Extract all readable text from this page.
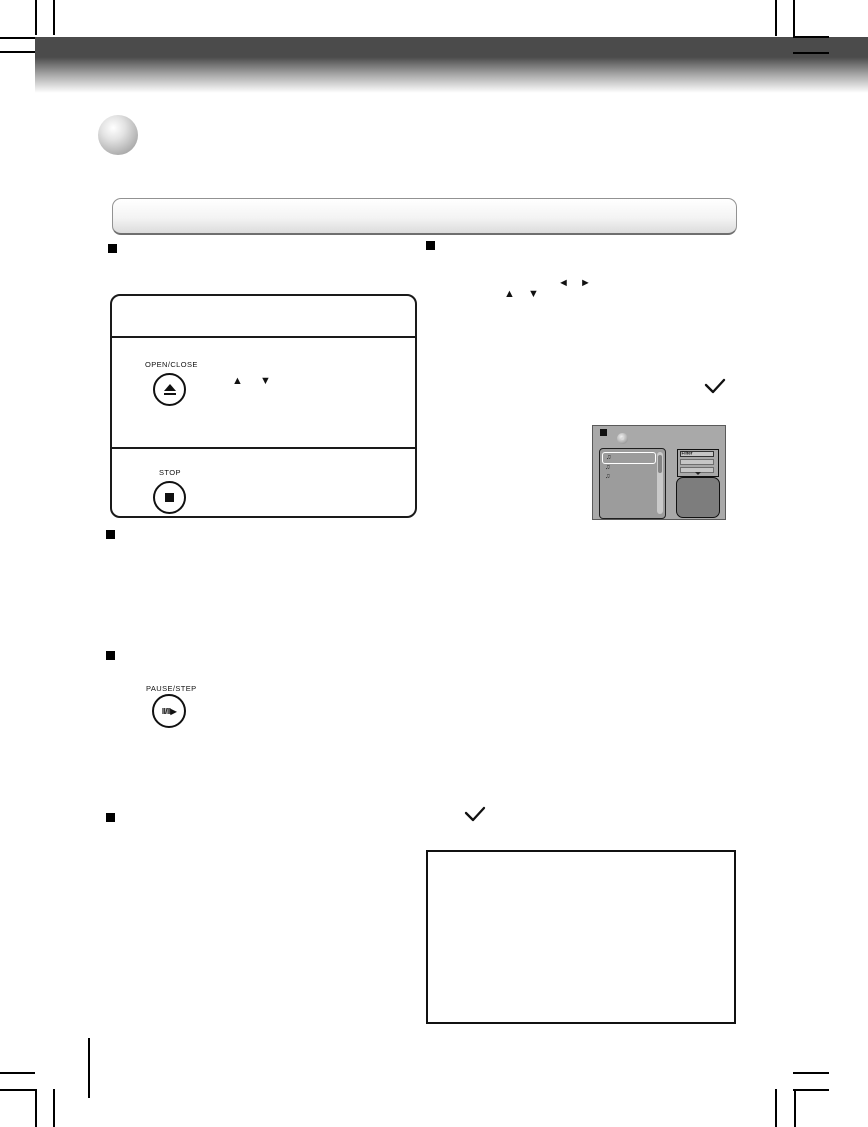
OPEN/CLOSE
▲ ▼
STOP
PAUSE/STEP
II/II▶
◄ ►
▲ ▼
♫
♫
♫
Filter
